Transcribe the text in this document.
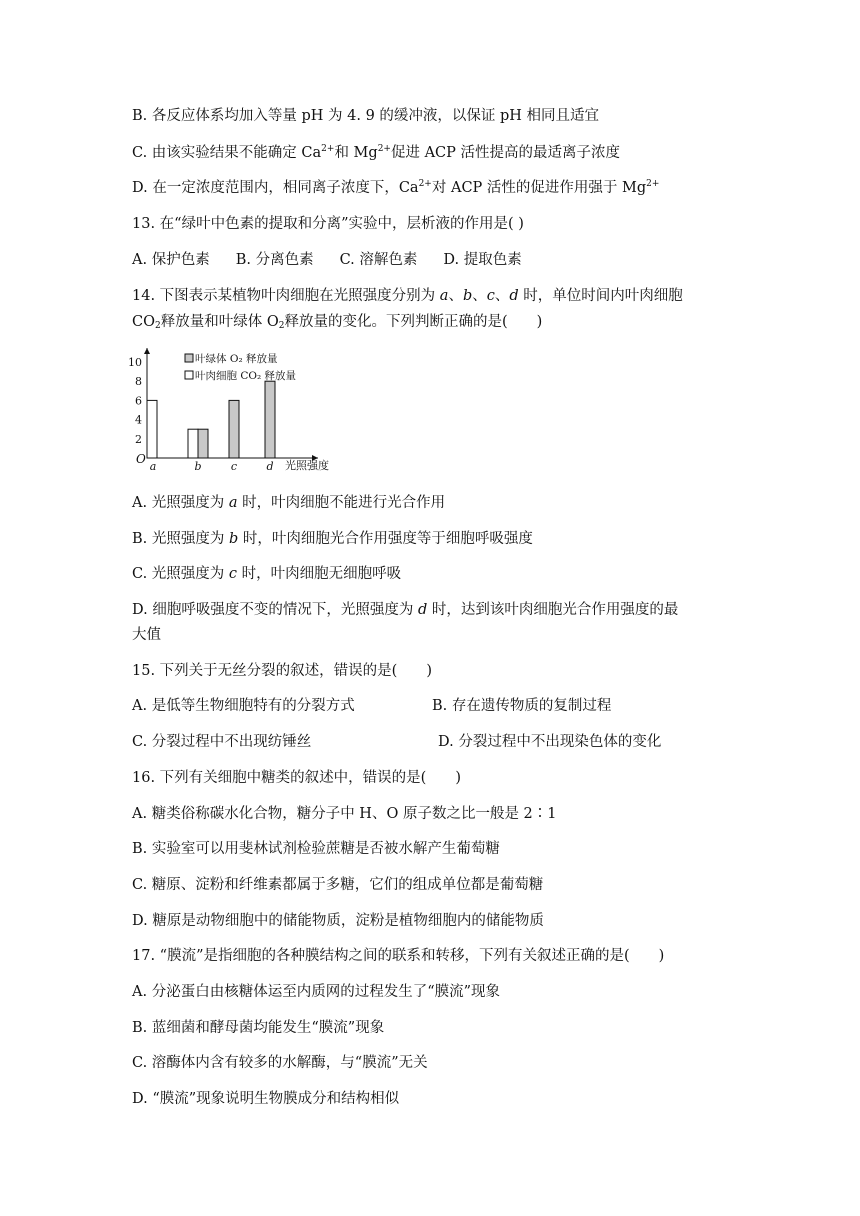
B. 各反应体系均加入等量 pH 为 4. 9 的缓冲液，以保证 pH 相同且适宜
C. 由该实验结果不能确定 $Ca^{2+}$和 $Mg^{2+}$促进 ACP 活性提高的最适离子浓度
D. 在一定浓度范围内，相同离子浓度下，$Ca^{2+}$对 ACP 活性的促进作用强于 $Mg^{2+}$
13. 在“绿叶中色素的提取和分离”实验中，层析液的作用是( )
A. 保护色素 B. 分离色素 C. 溶解色素 D. 提取色素
14. 下图表示某植物叶肉细胞在光照强度分别为 a、b、c、d 时，单位时间内叶肉细胞
$CO_2$释放量和叶绿体 $O_2$释放量的变化。下列判断正确的是(　　)
2
4
6
8
10
a	b	c	d
O	光照强度
叶绿体 O₂ 释放量
叶肉细胞 CO₂ 释放量
A. 光照强度为 a 时，叶肉细胞不能进行光合作用
B. 光照强度为 b 时，叶肉细胞光合作用强度等于细胞呼吸强度
C. 光照强度为 c 时，叶肉细胞无细胞呼吸
D. 细胞呼吸强度不变的情况下，光照强度为 d 时，达到该叶肉细胞光合作用强度的最
大值
15. 下列关于无丝分裂的叙述，错误的是(　　)
A. 是低等生物细胞特有的分裂方式	B. 存在遗传物质的复制过程
C. 分裂过程中不出现纺锤丝	D. 分裂过程中不出现染色体的变化
16. 下列有关细胞中糖类的叙述中，错误的是(　　)
A. 糖类俗称碳水化合物，糖分子中 H、O 原子数之比一般是 2∶1
B. 实验室可以用斐林试剂检验蔗糖是否被水解产生葡萄糖
C. 糖原、淀粉和纤维素都属于多糖，它们的组成单位都是葡萄糖
D. 糖原是动物细胞中的储能物质，淀粉是植物细胞内的储能物质
17. “膜流”是指细胞的各种膜结构之间的联系和转移，下列有关叙述正确的是(　　)
A. 分泌蛋白由核糖体运至内质网的过程发生了“膜流”现象
B. 蓝细菌和酵母菌均能发生“膜流”现象
C. 溶酶体内含有较多的水解酶，与“膜流”无关
D. “膜流”现象说明生物膜成分和结构相似
